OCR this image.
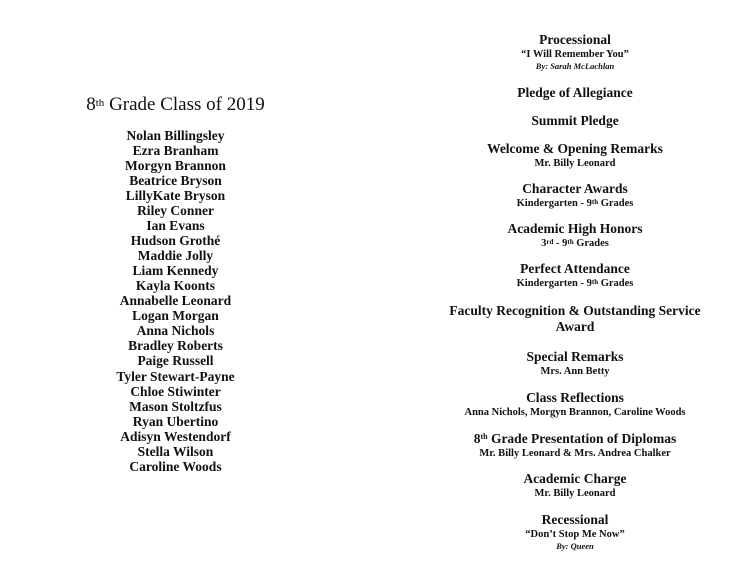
8th Grade Class of 2019
Nolan Billingsley
Ezra Branham
Morgyn Brannon
Beatrice Bryson
LillyKate Bryson
Riley Conner
Ian Evans
Hudson Grothé
Maddie Jolly
Liam Kennedy
Kayla Koonts
Annabelle Leonard
Logan Morgan
Anna Nichols
Bradley Roberts
Paige Russell
Tyler Stewart-Payne
Chloe Stiwinter
Mason Stoltzfus
Ryan Ubertino
Adisyn Westendorf
Stella Wilson
Caroline Woods
Processional
“I Will Remember You”
By: Sarah McLachlan
Pledge of Allegiance
Summit Pledge
Welcome & Opening Remarks
Mr. Billy Leonard
Character Awards
Kindergarten - 9th Grades
Academic High Honors
3rd - 9th Grades
Perfect Attendance
Kindergarten - 9th Grades
Faculty Recognition & Outstanding Service Award
Special Remarks
Mrs. Ann Betty
Class Reflections
Anna Nichols, Morgyn Brannon, Caroline Woods
8th Grade Presentation of Diplomas
Mr. Billy Leonard & Mrs. Andrea Chalker
Academic Charge
Mr. Billy Leonard
Recessional
“Don’t Stop Me Now”
By: Queen
